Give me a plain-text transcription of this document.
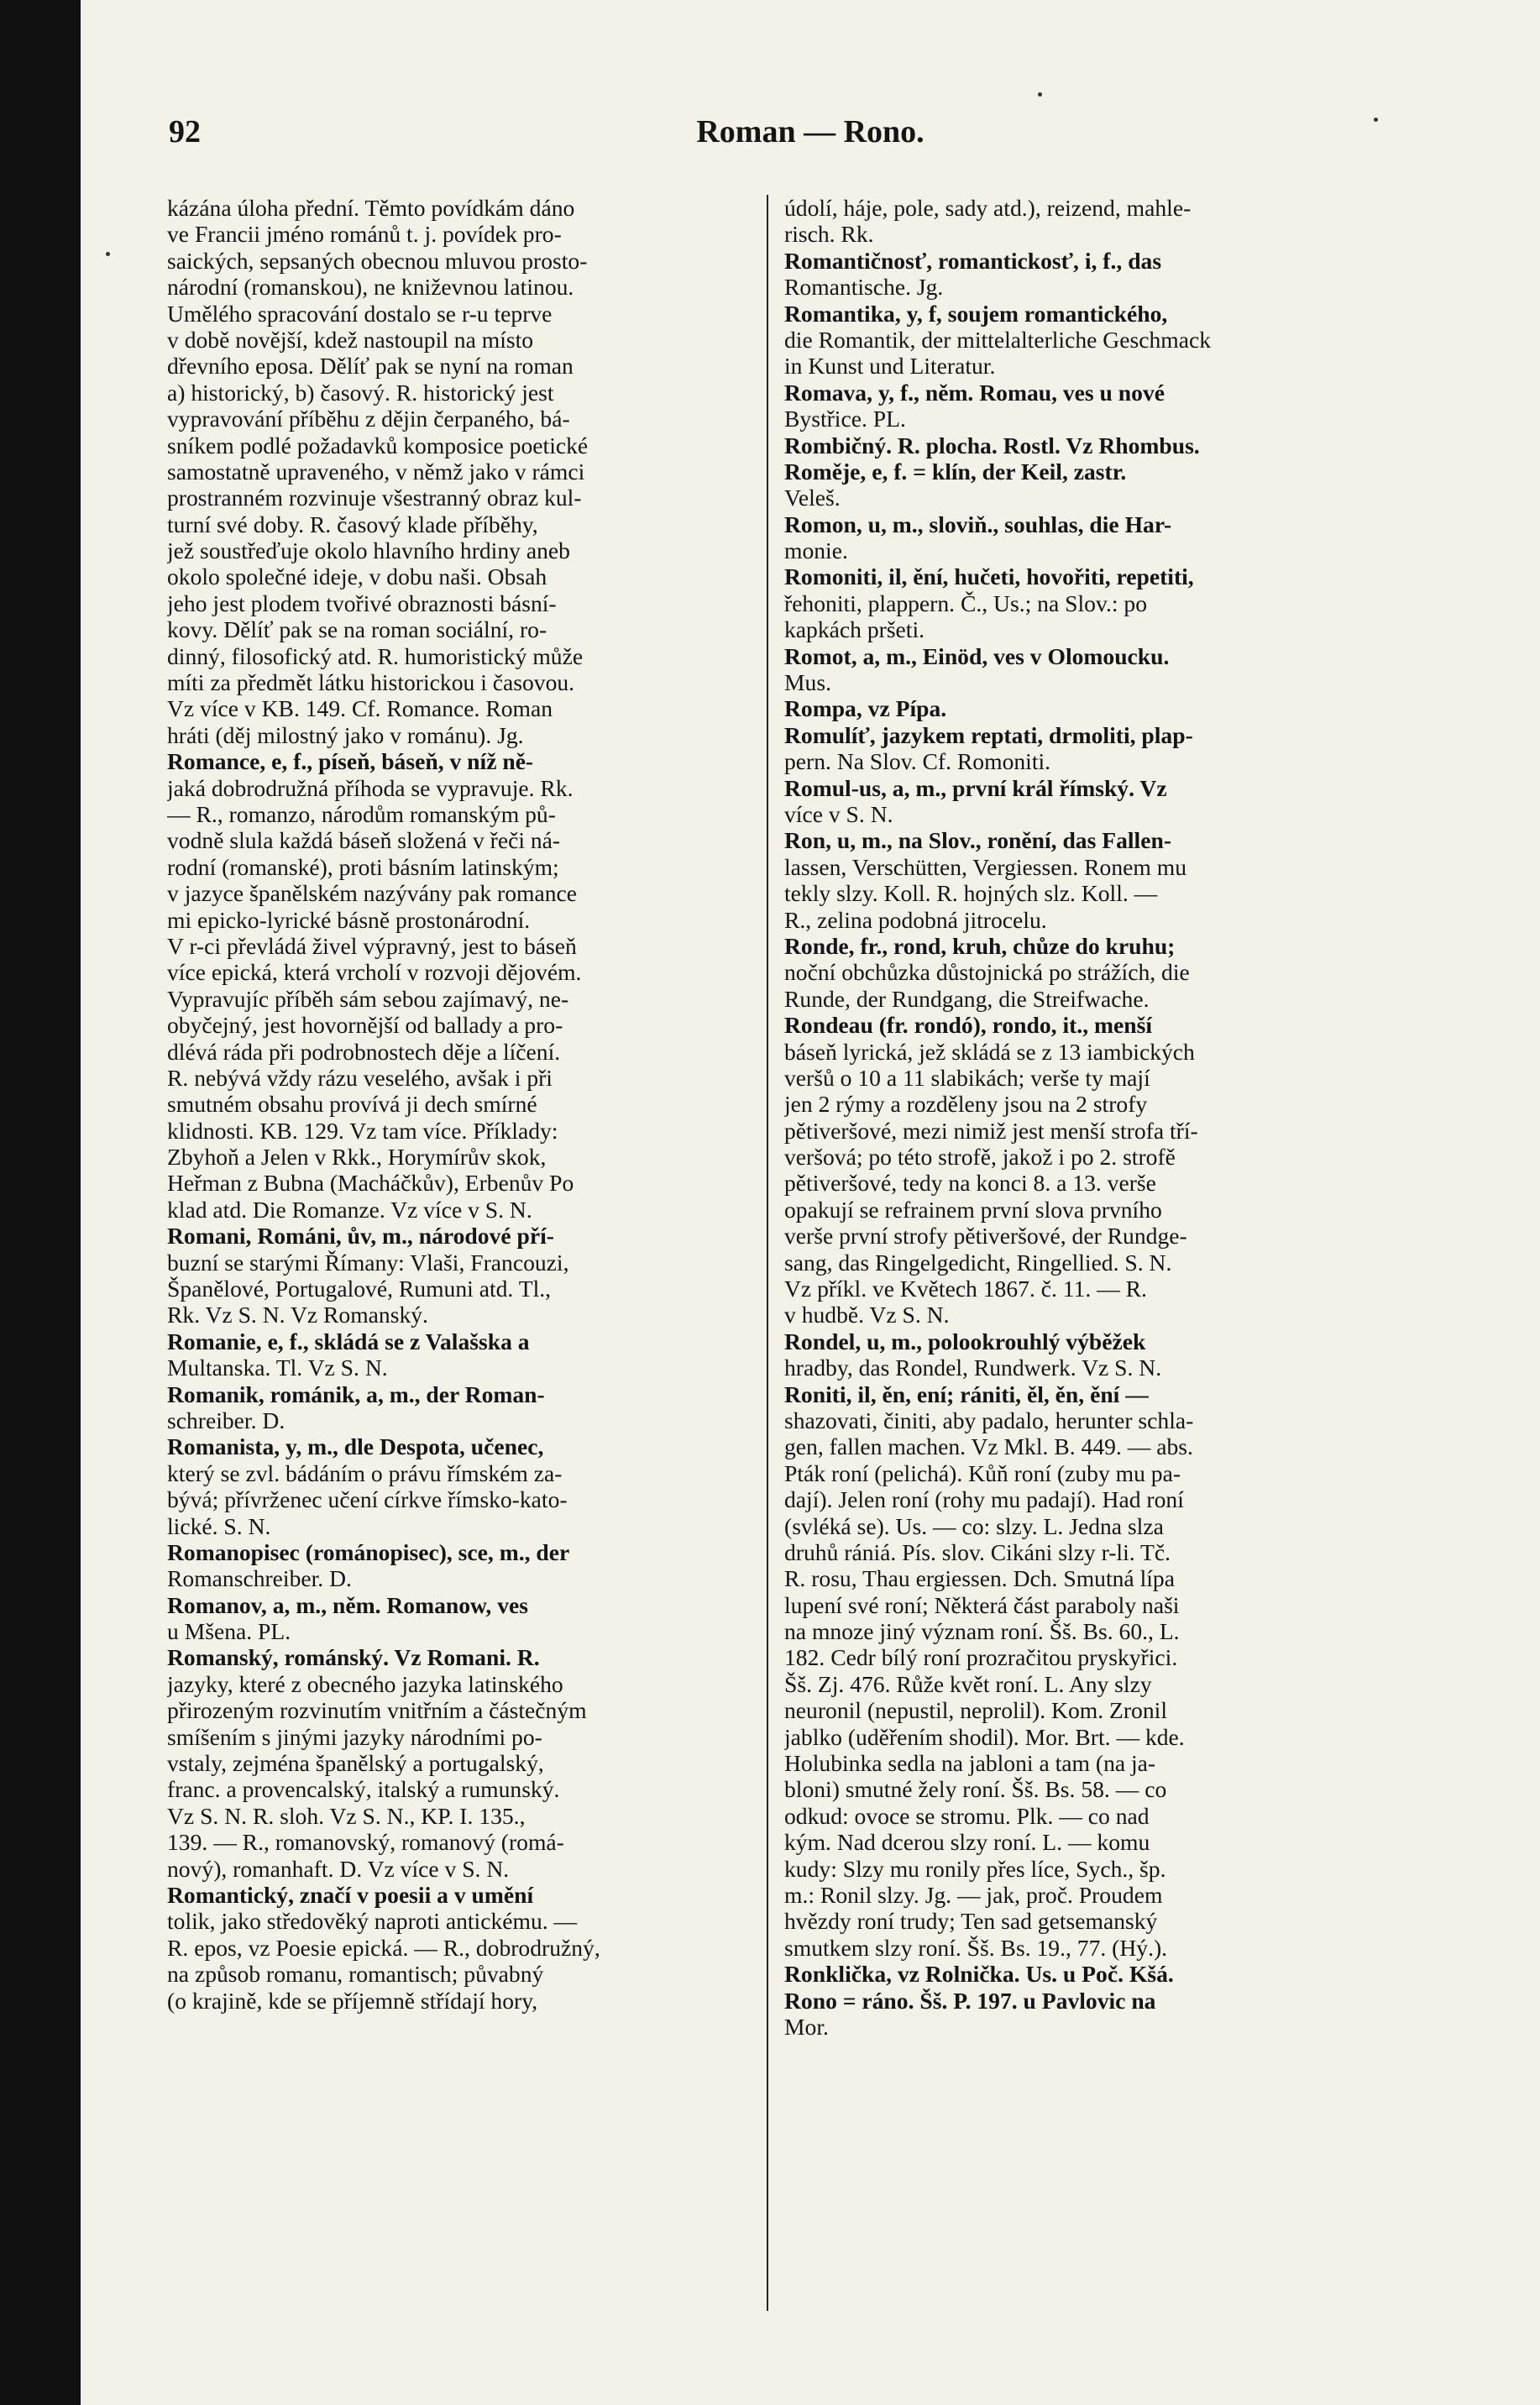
92	Roman — Rono.
kázána úloha přední. Těmto povídkám dáno
ve Francii jméno románů t. j. povídek pro-
saických, sepsaných obecnou mluvou prosto-
národní (romanskou), ne kniževnou latinou.
Umělého spracování dostalo se r-u teprve
v době novější, kdež nastoupil na místo
dřevního eposa. Dělíť pak se nyní na roman
a) historický, b) časový. R. historický jest
vypravování příběhu z dějin čerpaného, bá-
sníkem podlé požadavků komposice poetické
samostatně upraveného, v němž jako v rámci
prostranném rozvinuje všestranný obraz kul-
turní své doby. R. časový klade příběhy,
jež soustřeďuje okolo hlavního hrdiny aneb
okolo společné ideje, v dobu naši. Obsah
jeho jest plodem tvořivé obraznosti básní-
kovy. Dělíť pak se na roman sociální, ro-
dinný, filosofický atd. R. humoristický může
míti za předmět látku historickou i časovou.
Vz více v KB. 149. Cf. Romance. Roman
hráti (děj milostný jako v románu). Jg.
Romance, e, f., píseň, báseň, v níž ně-
jaká dobrodružná příhoda se vypravuje. Rk.
— R., romanzo, národům romanským pů-
vodně slula každá báseň složená v řeči ná-
rodní (romanské), proti básním latinským;
v jazyce španělském nazývány pak romance
mi epicko-lyrické básně prostonárodní.
V r-ci převládá živel výpravný, jest to báseň
více epická, která vrcholí v rozvoji dějovém.
Vypravujíc příběh sám sebou zajímavý, ne-
obyčejný, jest hovornější od ballady a pro-
dlévá ráda při podrobnostech děje a líčení.
R. nebývá vždy rázu veselého, avšak i při
smutném obsahu provívá ji dech smírné
klidnosti. KB. 129. Vz tam více. Příklady:
Zbyhoň a Jelen v Rkk., Horymírův skok,
Heřman z Bubna (Macháčkův), Erbenův Po
klad atd. Die Romanze. Vz více v S. N.
Romani, Románi, ův, m., národové pří-
buzní se starými Římany: Vlaši, Francouzi,
Španělové, Portugalové, Rumuni atd. Tl.,
Rk. Vz S. N. Vz Romanský.
Romanie, e, f., skládá se z Valašska a
Multanska. Tl. Vz S. N.
Romanik, románik, a, m., der Roman-
schreiber. D.
Romanista, y, m., dle Despota, učenec,
který se zvl. bádáním o právu římském za-
bývá; přívrženec učení církve římsko-kato-
lické. S. N.
Romanopisec (románopisec), sce, m., der
Romanschreiber. D.
Romanov, a, m., něm. Romanow, ves
u Mšena. PL.
Romanský, románský. Vz Romani. R.
jazyky, které z obecného jazyka latinského
přirozeným rozvinutím vnitřním a částečným
smíšením s jinými jazyky národními po-
vstaly, zejména španělský a portugalský,
franc. a provencalský, italský a rumunský.
Vz S. N. R. sloh. Vz S. N., KP. I. 135.,
139. — R., romanovský, romanový (romá-
nový), romanhaft. D. Vz více v S. N.
Romantický, značí v poesii a v umění
tolik, jako středověký naproti antickému. —
R. epos, vz Poesie epická. — R., dobrodružný,
na způsob romanu, romantisch; půvabný
(o krajině, kde se příjemně střídají hory,
údolí, háje, pole, sady atd.), reizend, mahle-
risch. Rk.
Romantičnosť, romantickosť, i, f., das
Romantische. Jg.
Romantika, y, f, soujem romantického,
die Romantik, der mittelalterliche Geschmack
in Kunst und Literatur.
Romava, y, f., něm. Romau, ves u nové
Bystřice. PL.
Rombičný. R. plocha. Rostl. Vz Rhombus.
Roměje, e, f. = klín, der Keil, zastr.
Veleš.
Romon, u, m., sloviň., souhlas, die Har-
monie.
Romoniti, il, ění, hučeti, hovořiti, repetiti,
řehoniti, plappern. Č., Us.; na Slov.: po
kapkách pršeti.
Romot, a, m., Einöd, ves v Olomoucku.
Mus.
Rompa, vz Pípa.
Romulíť, jazykem reptati, drmoliti, plap-
pern. Na Slov. Cf. Romoniti.
Romul-us, a, m., první král římský. Vz
více v S. N.
Ron, u, m., na Slov., ronění, das Fallen-
lassen, Verschütten, Vergiessen. Ronem mu
tekly slzy. Koll. R. hojných slz. Koll. —
R., zelina podobná jitrocelu.
Ronde, fr., rond, kruh, chůze do kruhu;
noční obchůzka důstojnická po strážích, die
Runde, der Rundgang, die Streifwache.
Rondeau (fr. rondó), rondo, it., menší
báseň lyrická, jež skládá se z 13 iambických
veršů o 10 a 11 slabikách; verše ty mají
jen 2 rýmy a rozděleny jsou na 2 strofy
pětiveršové, mezi nimiž jest menší strofa tří-
veršová; po této strofě, jakož i po 2. strofě
pětiveršové, tedy na konci 8. a 13. verše
opakují se refrainem první slova prvního
verše první strofy pětiveršové, der Rundge-
sang, das Ringelgedicht, Ringellied. S. N.
Vz příkl. ve Květech 1867. č. 11. — R.
v hudbě. Vz S. N.
Rondel, u, m., polookrouhlý výběžek
hradby, das Rondel, Rundwerk. Vz S. N.
Roniti, il, ěn, ení; rániti, ěl, ěn, ění —
shazovati, činiti, aby padalo, herunter schla-
gen, fallen machen. Vz Mkl. B. 449. — abs.
Pták roní (pelichá). Kůň roní (zuby mu pa-
dají). Jelen roní (rohy mu padají). Had roní
(svléká se). Us. — co: slzy. L. Jedna slza
druhů rániá. Pís. slov. Cikáni slzy r-li. Tč.
R. rosu, Thau ergiessen. Dch. Smutná lípa
lupení své roní; Některá část paraboly naši
na mnoze jiný význam roní. Šš. Bs. 60., L.
182. Cedr bílý roní prozračitou pryskyřici.
Šš. Zj. 476. Růže květ roní. L. Any slzy
neuronil (nepustil, neprolil). Kom. Zronil
jablko (uděřením shodil). Mor. Brt. — kde.
Holubinka sedla na jabloni a tam (na ja-
bloni) smutné žely roní. Šš. Bs. 58. — co
odkud: ovoce se stromu. Plk. — co nad
kým. Nad dcerou slzy roní. L. — komu
kudy: Slzy mu ronily přes líce, Sych., šp.
m.: Ronil slzy. Jg. — jak, proč. Proudem
hvězdy roní trudy; Ten sad getsemanský
smutkem slzy roní. Šš. Bs. 19., 77. (Hý.).
Ronklička, vz Rolnička. Us. u Poč. Kšá.
Rono = ráno. Šš. P. 197. u Pavlovic na
Mor.
